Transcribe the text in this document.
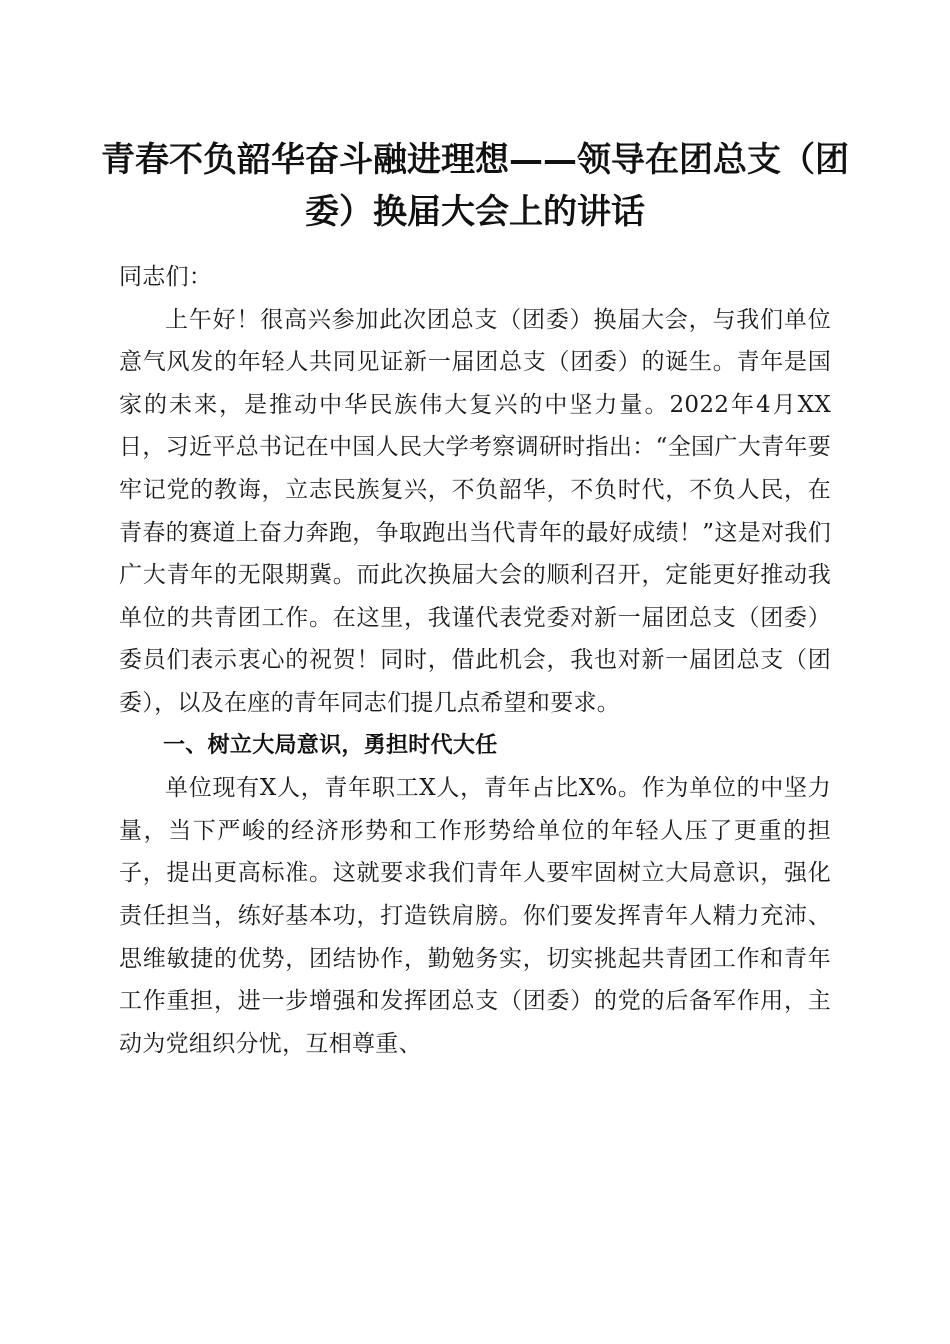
青春不负韶华奋斗融进理想——领导在团总支（团委）换届大会上的讲话

同志们：

上午好！很高兴参加此次团总支（团委）换届大会，与我们单位意气风发的年轻人共同见证新一届团总支（团委）的诞生。青年是国家的未来，是推动中华民族伟大复兴的中坚力量。2022年4月XX日，习近平总书记在中国人民大学考察调研时指出：“全国广大青年要牢记党的教诲，立志民族复兴，不负韶华，不负时代，不负人民，在青春的赛道上奋力奔跑，争取跑出当代青年的最好成绩！”这是对我们广大青年的无限期冀。而此次换届大会的顺利召开，定能更好推动我单位的共青团工作。在这里，我谨代表党委对新一届团总支（团委）委员们表示衷心的祝贺！同时，借此机会，我也对新一届团总支（团委），以及在座的青年同志们提几点希望和要求。

一、树立大局意识，勇担时代大任

单位现有X人，青年职工X人，青年占比X%。作为单位的中坚力量，当下严峻的经济形势和工作形势给单位的年轻人压了更重的担子，提出更高标准。这就要求我们青年人要牢固树立大局意识，强化责任担当，练好基本功，打造铁肩膀。你们要发挥青年人精力充沛、思维敏捷的优势，团结协作，勤勉务实，切实挑起共青团工作和青年工作重担，进一步增强和发挥团总支（团委）的党的后备军作用，主动为党组织分忧，互相尊重、
